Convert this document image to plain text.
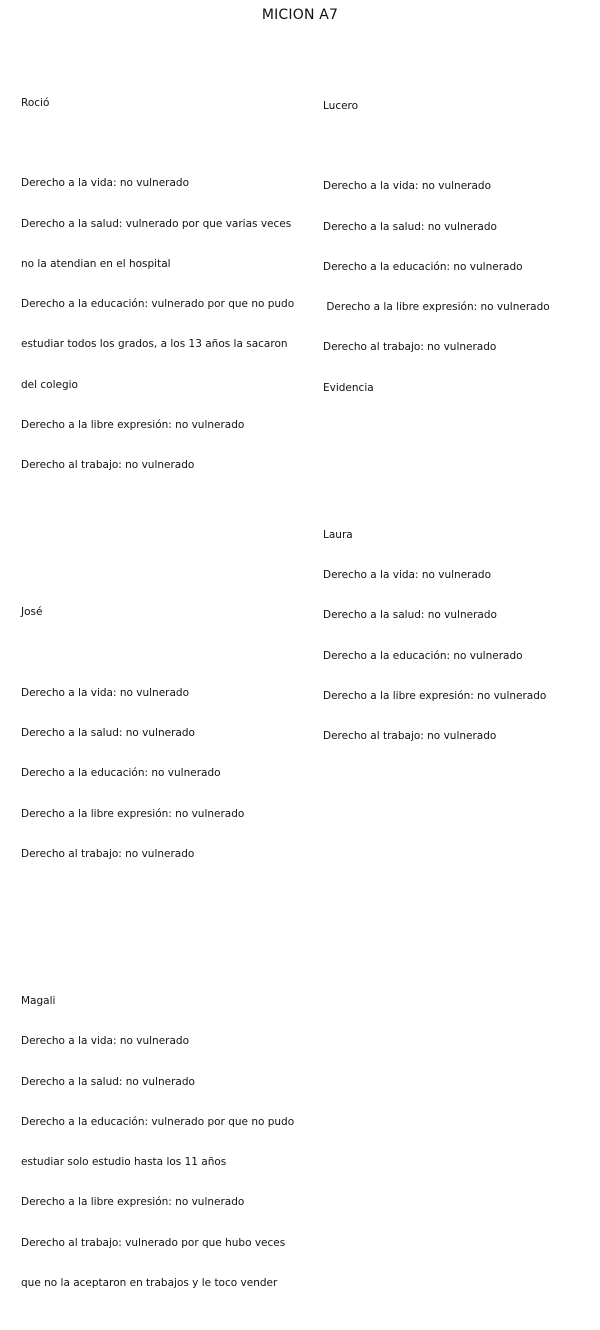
MICION A7

Roció

Derecho a la vida: no vulnerado

Derecho a la salud: vulnerado por que varias veces

no la atendian en el hospital

Derecho a la educación: vulnerado por que no pudo

estudiar todos los grados, a los 13 años la sacaron

del colegio

Derecho a la libre expresión: no vulnerado

Derecho al trabajo: no vulnerado

José

Derecho a la vida: no vulnerado

Derecho a la salud: no vulnerado

Derecho a la educación: no vulnerado

Derecho a la libre expresión: no vulnerado

Derecho al trabajo: no vulnerado

Magali

Derecho a la vida: no vulnerado

Derecho a la salud: no vulnerado

Derecho a la educación: vulnerado por que no pudo

estudiar solo estudio hasta los 11 años

Derecho a la libre expresión: no vulnerado

Derecho al trabajo: vulnerado por que hubo veces

que no la aceptaron en trabajos y le toco vender

Lucero

Derecho a la vida: no vulnerado

Derecho a la salud: no vulnerado

Derecho a la educación: no vulnerado

Derecho a la libre expresión: no vulnerado

Derecho al trabajo: no vulnerado

Evidencia

Laura

Derecho a la vida: no vulnerado

Derecho a la salud: no vulnerado

Derecho a la educación: no vulnerado

Derecho a la libre expresión: no vulnerado

Derecho al trabajo: no vulnerado
